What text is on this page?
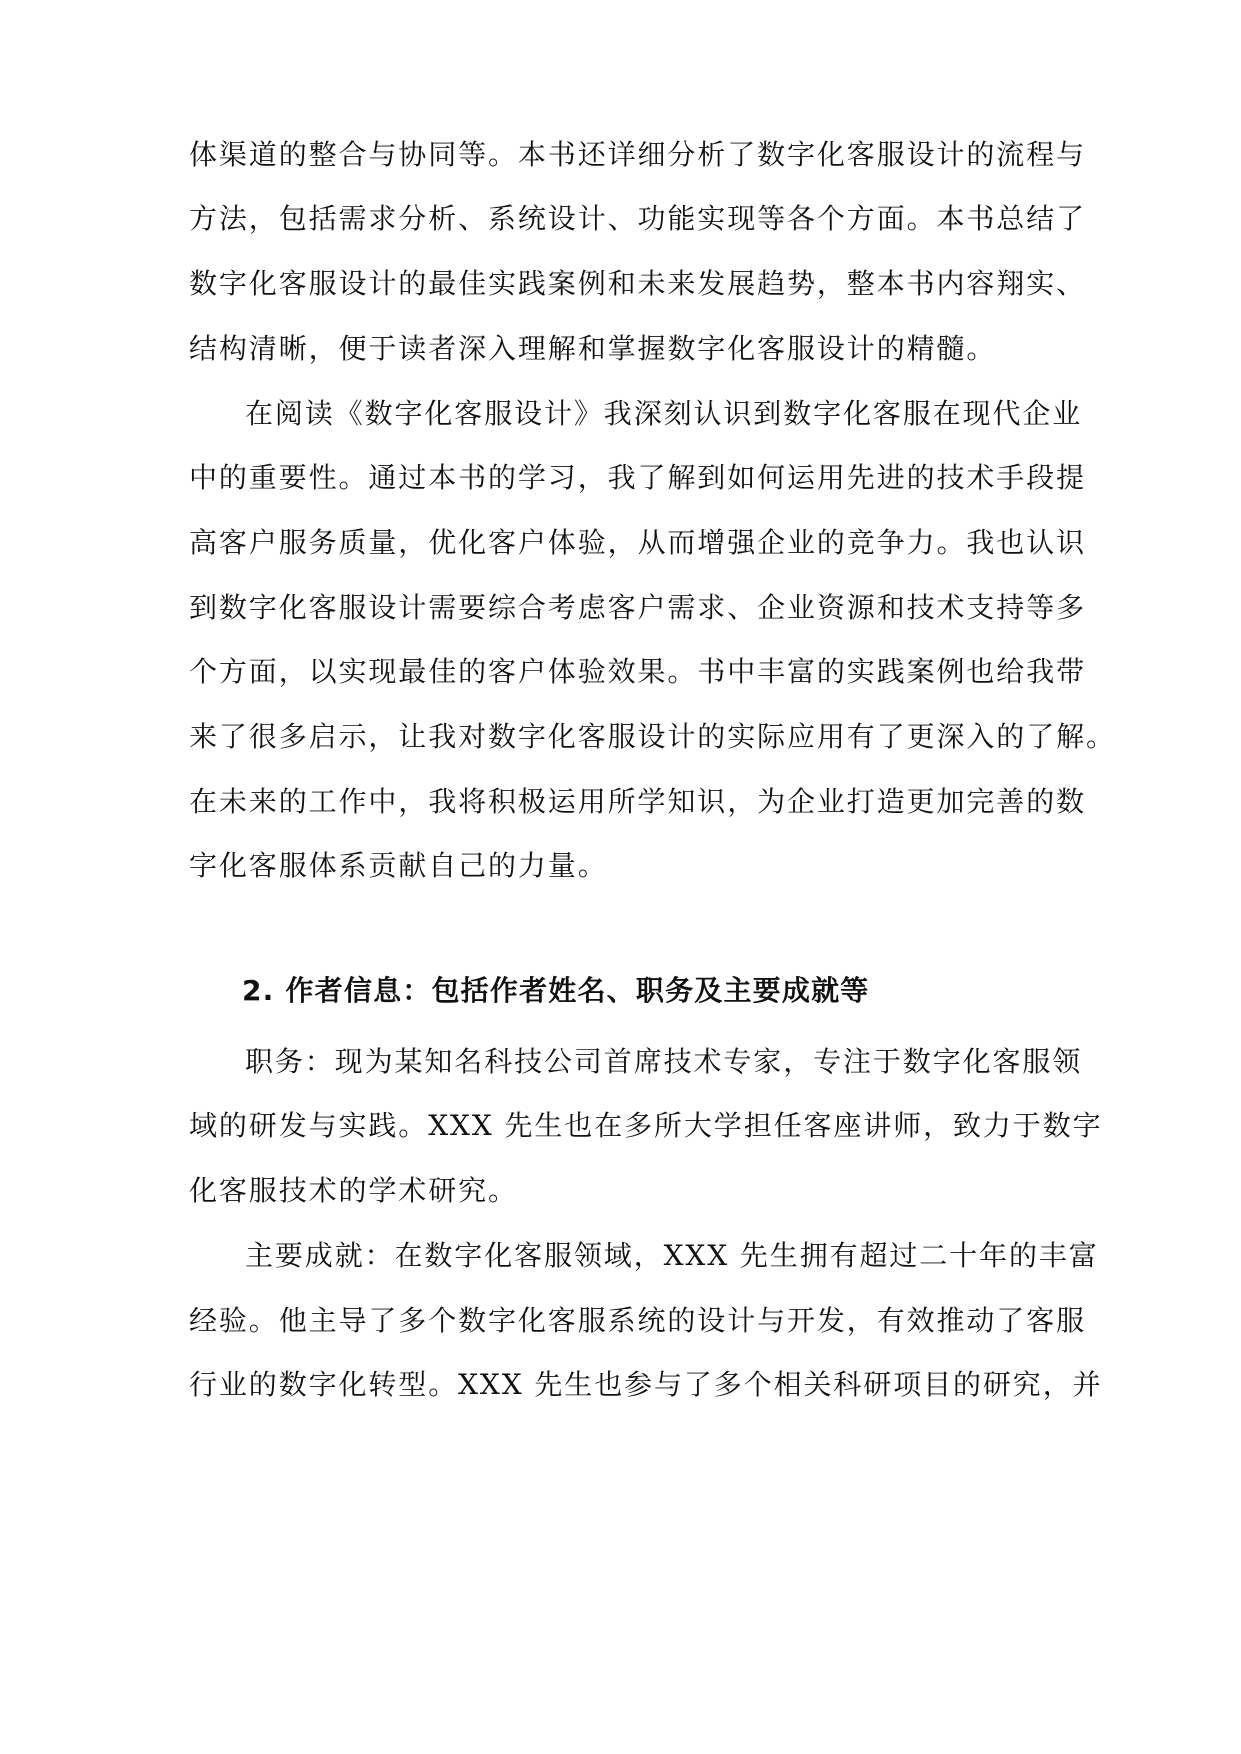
体渠道的整合与协同等。本书还详细分析了数字化客服设计的流程与
方法，包括需求分析、系统设计、功能实现等各个方面。本书总结了
数字化客服设计的最佳实践案例和未来发展趋势，整本书内容翔实、
结构清晰，便于读者深入理解和掌握数字化客服设计的精髓。
在阅读《数字化客服设计》我深刻认识到数字化客服在现代企业
中的重要性。通过本书的学习，我了解到如何运用先进的技术手段提
高客户服务质量，优化客户体验，从而增强企业的竞争力。我也认识
到数字化客服设计需要综合考虑客户需求、企业资源和技术支持等多
个方面，以实现最佳的客户体验效果。书中丰富的实践案例也给我带
来了很多启示，让我对数字化客服设计的实际应用有了更深入的了解。
在未来的工作中，我将积极运用所学知识，为企业打造更加完善的数
字化客服体系贡献自己的力量。
2. 作者信息：包括作者姓名、职务及主要成就等
职务：现为某知名科技公司首席技术专家，专注于数字化客服领
域的研发与实践。XXX 先生也在多所大学担任客座讲师，致力于数字
化客服技术的学术研究。
主要成就：在数字化客服领域，XXX 先生拥有超过二十年的丰富
经验。他主导了多个数字化客服系统的设计与开发，有效推动了客服
行业的数字化转型。XXX 先生也参与了多个相关科研项目的研究，并
